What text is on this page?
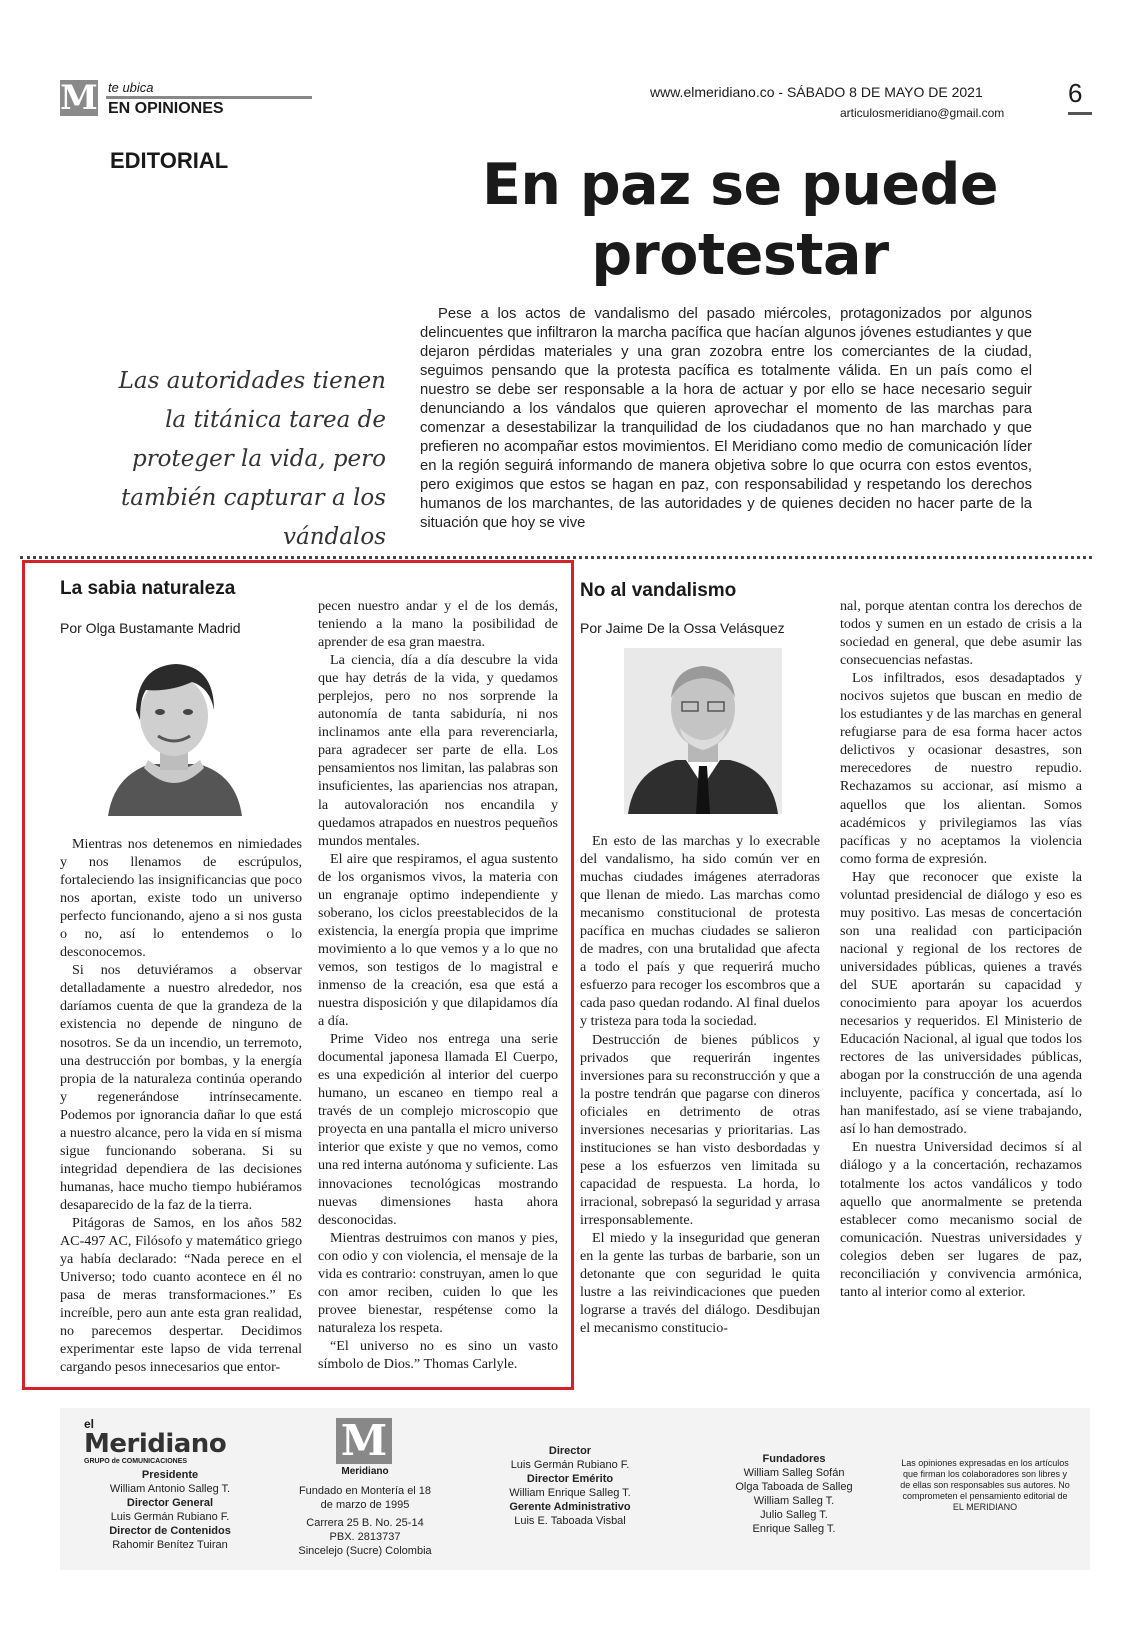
M te ubica
EN OPINIONES
www.elmeridiano.co - SÁBADO 8 DE MAYO DE 2021
articulosmeridiano@gmail.com
6
EDITORIAL	En paz se puede
protestar
Las autoridades tienen la titánica tarea de proteger la vida, pero también capturar a los vándalos
Pese a los actos de vandalismo del pasado miércoles, protagonizados por algunos delincuentes que infiltraron la marcha pacífica que hacían algunos jóvenes estudiantes y que dejaron pérdidas materiales y una gran zozobra entre los comerciantes de la ciudad, seguimos pensando que la protesta pacífica es totalmente válida. En un país como el nuestro se debe ser responsable a la hora de actuar y por ello se hace necesario seguir denunciando a los vándalos que quieren aprovechar el momento de las marchas para comenzar a desestabilizar la tranquilidad de los ciudadanos que no han marchado y que prefieren no acompañar estos movimientos. El Meridiano como medio de comunicación líder en la región seguirá informando de manera objetiva sobre lo que ocurra con estos eventos, pero exigimos que estos se hagan en paz, con responsabilidad y respetando los derechos humanos de los marchantes, de las autoridades y de quienes deciden no hacer parte de la situación que hoy se vive
La sabia naturaleza
Por Olga Bustamante Madrid

Mientras nos detenemos en nimiedades y nos llenamos de escrúpulos, fortaleciendo las insignificancias que poco nos aportan, existe todo un universo perfecto funcionando, ajeno a si nos gusta o no, así lo entendemos o lo desconocemos.

Si nos detuviéramos a observar detalladamente a nuestro alrededor, nos daríamos cuenta de que la grandeza de la existencia no depende de ninguno de nosotros. Se da un incendio, un terremoto, una destrucción por bombas, y la energía propia de la naturaleza continúa operando y regenerándose intrínsecamente. Podemos por ignorancia dañar lo que está a nuestro alcance, pero la vida en sí misma sigue funcionando soberana. Si su integridad dependiera de las decisiones humanas, hace mucho tiempo hubiéramos desaparecido de la faz de la tierra.

Pitágoras de Samos, en los años 582 AC-497 AC, Filósofo y matemático griego ya había declarado: “Nada perece en el Universo; todo cuanto acontece en él no pasa de meras transformaciones.” Es increíble, pero aun ante esta gran realidad, no parecemos despertar. Decidimos experimentar este lapso de vida terrenal cargando pesos innecesarios que entor-

pecen nuestro andar y el de los demás, teniendo a la mano la posibilidad de aprender de esa gran maestra.

La ciencia, día a día descubre la vida que hay detrás de la vida, y quedamos perplejos, pero no nos sorprende la autonomía de tanta sabiduría, ni nos inclinamos ante ella para reverenciarla, para agradecer ser parte de ella. Los pensamientos nos limitan, las palabras son insuficientes, las apariencias nos atrapan, la autovaloración nos encandila y quedamos atrapados en nuestros pequeños mundos mentales.

El aire que respiramos, el agua sustento de los organismos vivos, la materia con un engranaje optimo independiente y soberano, los ciclos preestablecidos de la existencia, la energía propia que imprime movimiento a lo que vemos y a lo que no vemos, son testigos de lo magistral e inmenso de la creación, esa que está a nuestra disposición y que dilapidamos día a día.

Prime Video nos entrega una serie documental japonesa llamada El Cuerpo, es una expedición al interior del cuerpo humano, un escaneo en tiempo real a través de un complejo microscopio que proyecta en una pantalla el micro universo interior que existe y que no vemos, como una red interna autónoma y suficiente. Las innovaciones tecnológicas mostrando nuevas dimensiones hasta ahora desconocidas.

Mientras destruimos con manos y pies, con odio y con violencia, el mensaje de la vida es contrario: construyan, amen lo que con amor reciben, cuiden lo que les provee bienestar, respétense como la naturaleza los respeta.

“El universo no es sino un vasto símbolo de Dios.” Thomas Carlyle.

No al vandalismo
Por Jaime De la Ossa Velásquez

En esto de las marchas y lo execrable del vandalismo, ha sido común ver en muchas ciudades imágenes aterradoras que llenan de miedo. Las marchas como mecanismo constitucional de protesta pacífica en muchas ciudades se salieron de madres, con una brutalidad que afecta a todo el país y que requerirá mucho esfuerzo para recoger los escombros que a cada paso quedan rodando. Al final duelos y tristeza para toda la sociedad.

Destrucción de bienes públicos y privados que requerirán ingentes inversiones para su reconstrucción y que a la postre tendrán que pagarse con dineros oficiales en detrimento de otras inversiones necesarias y prioritarias. Las instituciones se han visto desbordadas y pese a los esfuerzos ven limitada su capacidad de respuesta. La horda, lo irracional, sobrepasó la seguridad y arrasa irresponsablemente.

El miedo y la inseguridad que generan en la gente las turbas de barbarie, son un detonante que con seguridad le quita lustre a las reivindicaciones que pueden lograrse a través del diálogo. Desdibujan el mecanismo constitucio-

nal, porque atentan contra los derechos de todos y sumen en un estado de crisis a la sociedad en general, que debe asumir las consecuencias nefastas.

Los infiltrados, esos desadaptados y nocivos sujetos que buscan en medio de los estudiantes y de las marchas en general refugiarse para de esa forma hacer actos delictivos y ocasionar desastres, son merecedores de nuestro repudio. Rechazamos su accionar, así mismo a aquellos que los alientan. Somos académicos y privilegiamos las vías pacíficas y no aceptamos la violencia como forma de expresión.

Hay que reconocer que existe la voluntad presidencial de diálogo y eso es muy positivo. Las mesas de concertación son una realidad con participación nacional y regional de los rectores de universidades públicas, quienes a través del SUE aportarán su capacidad y conocimiento para apoyar los acuerdos necesarios y requeridos. El Ministerio de Educación Nacional, al igual que todos los rectores de las universidades públicas, abogan por la construcción de una agenda incluyente, pacífica y concertada, así lo han manifestado, así se viene trabajando, así lo han demostrado.

En nuestra Universidad decimos sí al diálogo y a la concertación, rechazamos totalmente los actos vandálicos y todo aquello que anormalmente se pretenda establecer como mecanismo social de comunicación. Nuestras universidades y colegios deben ser lugares de paz, reconciliación y convivencia armónica, tanto al interior como al exterior.

el
Meridiano
GRUPO de COMUNICACIONES
Presidente
William Antonio Salleg T.
Director General
Luis Germán Rubiano F.
Director de Contenidos
Rahomir Benítez Tuiran
M
Meridiano
Fundado en Montería el 18 de marzo de 1995
Carrera 25 B. No. 25-14
PBX. 2813737
Sincelejo (Sucre) Colombia
Director
Luis Germán Rubiano F.
Director Emérito
William Enrique Salleg T.
Gerente Administrativo
Luis E. Taboada Visbal
Fundadores
William Salleg Sofán
Olga Taboada de Salleg
William Salleg T.
Julio Salleg T.
Enrique Salleg T.
Las opiniones expresadas en los artículos que firman los colaboradores son libres y de ellas son responsables sus autores. No comprometen el pensamiento editorial de EL MERIDIANO
